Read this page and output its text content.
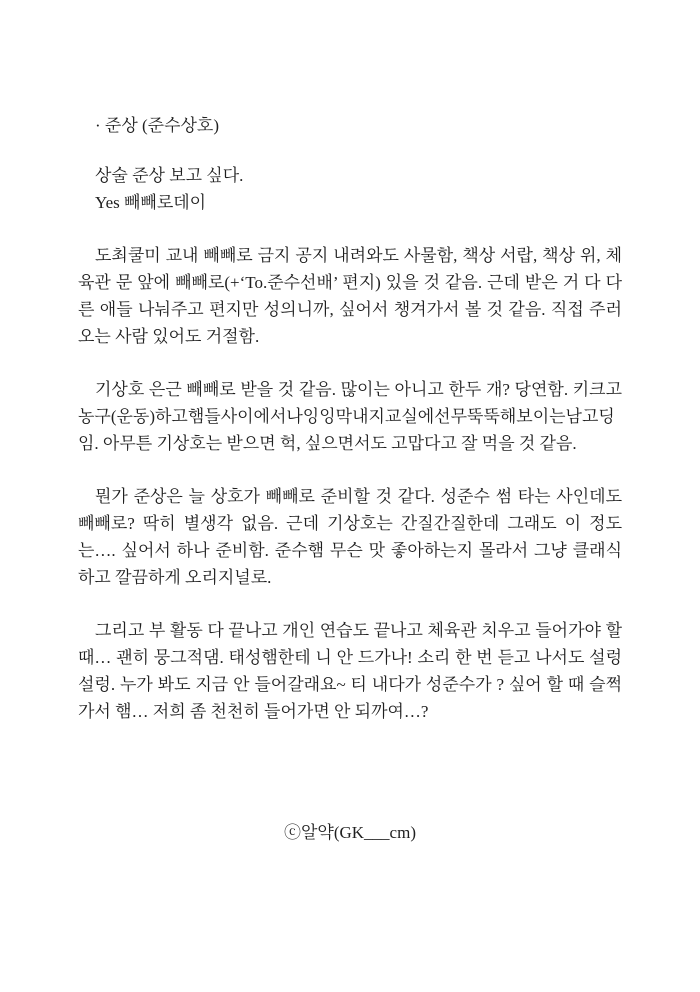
· 준상 (준수상호)
상술 준상 보고 싶다.
Yes 빼빼로데이

도최쿨미 교내 빼빼로 금지 공지 내려와도 사물함, 책상 서랍, 책상 위, 체육관 문 앞에 빼빼로(+‘To.준수선배’ 편지) 있을 것 같음. 근데 받은 거 다 다른 애들 나눠주고 편지만 성의니까, 싶어서 챙겨가서 볼 것 같음. 직접 주러 오는 사람 있어도 거절함.

기상호 은근 빼빼로 받을 것 같음. 많이는 아니고 한두 개? 당연함. 키크고농구(운동)하고햄들사이에서나잉잉막내지교실에선무뚝뚝해보이는남고딩임. 아무튼 기상호는 받으면 헉, 싶으면서도 고맙다고 잘 먹을 것 같음.

뭔가 준상은 늘 상호가 빼빼로 준비할 것 같다. 성준수 썸 타는 사인데도 빼빼로? 딱히 별생각 없음. 근데 기상호는 간질간질한데 그래도 이 정도는…. 싶어서 하나 준비함. 준수햄 무슨 맛 좋아하는지 몰라서 그냥 클래식하고 깔끔하게 오리지널로.

그리고 부 활동 다 끝나고 개인 연습도 끝나고 체육관 치우고 들어가야 할 때… 괜히 뭉그적댐. 태성햄한테 니 안 드가나! 소리 한 번 듣고 나서도 설렁설렁. 누가 봐도 지금 안 들어갈래요~ 티 내다가 성준수가 ? 싶어 할 때 슬쩍 가서 햄… 저희 좀 천천히 들어가면 안 되까여…?

ⓒ알약(GK___cm)
